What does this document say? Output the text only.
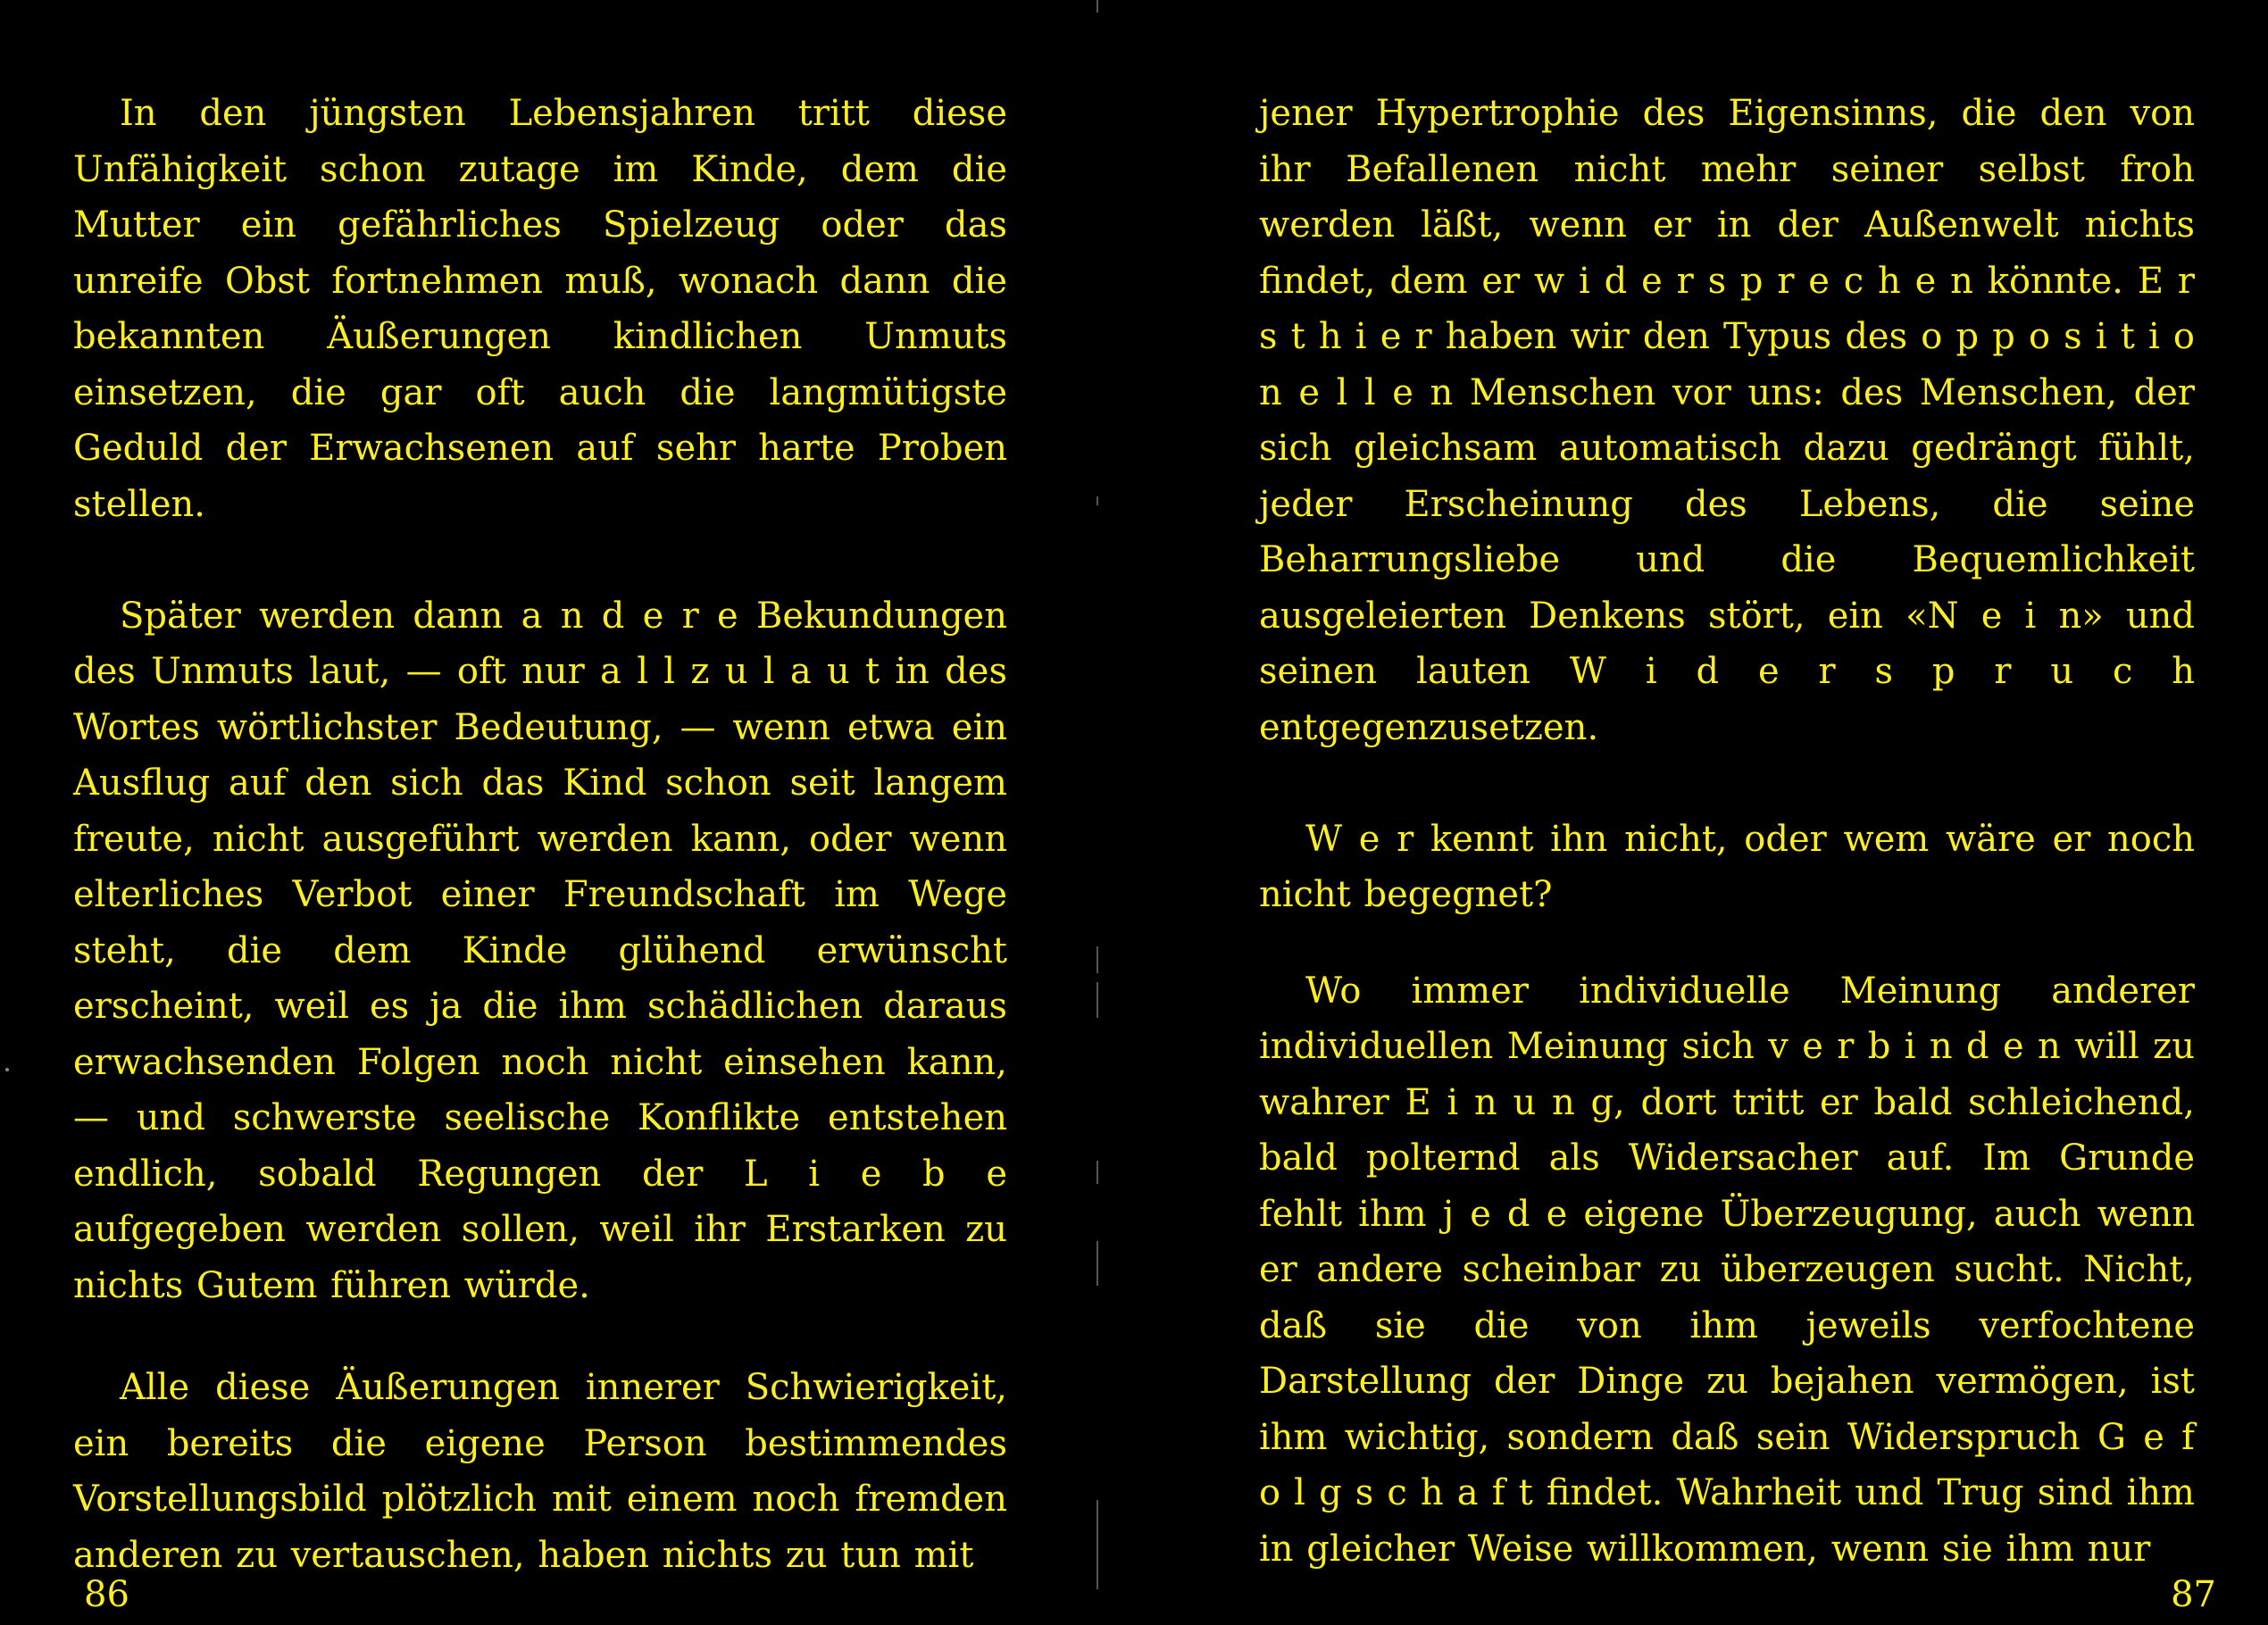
In den jüngsten Lebensjahren tritt diese Unfähigkeit schon zutage im Kinde, dem die Mutter ein gefährliches Spielzeug oder das unreife Obst fortnehmen muß, wonach dann die bekannten Äußerungen kindlichen Unmuts einsetzen, die gar oft auch die langmütigste Geduld der Erwachsenen auf sehr harte Proben stellen.

Später werden dann a n d e r e Bekundungen des Unmuts laut, — oft nur a l l z u l a u t in des Wortes wörtlichster Bedeutung, — wenn etwa ein Ausflug auf den sich das Kind schon seit langem freute, nicht ausgeführt werden kann, oder wenn elterliches Verbot einer Freundschaft im Wege steht, die dem Kinde glühend erwünscht erscheint, weil es ja die ihm schädlichen daraus erwachsenden Folgen noch nicht einsehen kann, — und schwerste seelische Konflikte entstehen endlich, sobald Regungen der L i e b e aufgegeben werden sollen, weil ihr Erstarken zu nichts Gutem führen würde.

Alle diese Äußerungen innerer Schwierigkeit, ein bereits die eigene Person bestimmendes Vorstellungsbild plötzlich mit einem noch fremden anderen zu vertauschen, haben nichts zu tun mit

86

jener Hypertrophie des Eigensinns, die den von ihr Befallenen nicht mehr seiner selbst froh werden läßt, wenn er in der Außenwelt nichts findet, dem er w i d e r s p r e c h e n könnte. E r s t h i e r haben wir den Typus des o p p o s i t i o n e l l e n Menschen vor uns: des Menschen, der sich gleichsam automatisch dazu gedrängt fühlt, jeder Erscheinung des Lebens, die seine Beharrungsliebe und die Bequemlichkeit ausgeleierten Denkens stört, ein «N e i n» und seinen lauten W i d e r s p r u c h entgegenzusetzen.

W e r kennt ihn nicht, oder wem wäre er noch nicht begegnet?

Wo immer individuelle Meinung anderer individuellen Meinung sich v e r b i n d e n will zu wahrer E i n u n g, dort tritt er bald schleichend, bald polternd als Widersacher auf. Im Grunde fehlt ihm j e d e eigene Überzeugung, auch wenn er andere scheinbar zu überzeugen sucht. Nicht, daß sie die von ihm jeweils verfochtene Darstellung der Dinge zu bejahen vermögen, ist ihm wichtig, sondern daß sein Widerspruch G e f o l g s c h a f t findet. Wahrheit und Trug sind ihm in gleicher Weise willkommen, wenn sie ihm nur

87
